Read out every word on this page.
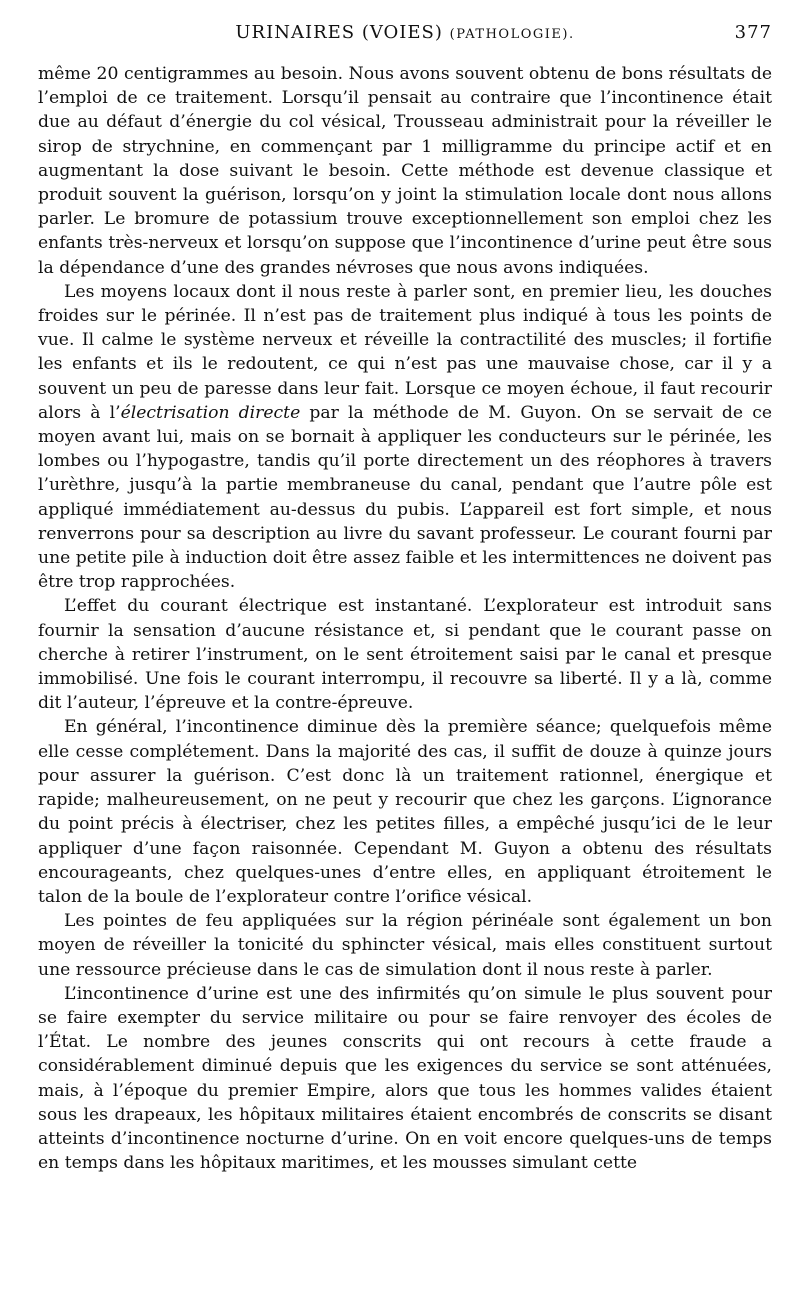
URINAIRES (VOIES) (PATHOLOGIE).	377

même 20 centigrammes au besoin. Nous avons souvent obtenu de bons résultats de l’emploi de ce traitement. Lorsqu’il pensait au contraire que l’incontinence était due au défaut d’énergie du col vésical, Trousseau administrait pour la réveiller le sirop de strychnine, en commençant par 1 milligramme du principe actif et en augmentant la dose suivant le besoin. Cette méthode est devenue classique et produit souvent la guérison, lorsqu’on y joint la stimulation locale dont nous allons parler. Le bromure de potassium trouve exceptionnellement son emploi chez les enfants très-nerveux et lorsqu’on suppose que l’incontinence d’urine peut être sous la dépendance d’une des grandes névroses que nous avons indiquées.

Les moyens locaux dont il nous reste à parler sont, en premier lieu, les douches froides sur le périnée. Il n’est pas de traitement plus indiqué à tous les points de vue. Il calme le système nerveux et réveille la contractilité des muscles; il fortifie les enfants et ils le redoutent, ce qui n’est pas une mauvaise chose, car il y a souvent un peu de paresse dans leur fait. Lorsque ce moyen échoue, il faut recourir alors à l’électrisation directe par la méthode de M. Guyon. On se servait de ce moyen avant lui, mais on se bornait à appliquer les conducteurs sur le périnée, les lombes ou l’hypogastre, tandis qu’il porte directement un des réophores à travers l’urèthre, jusqu’à la partie membraneuse du canal, pendant que l’autre pôle est appliqué immédiatement au-dessus du pubis. L’appareil est fort simple, et nous renverrons pour sa description au livre du savant professeur. Le courant fourni par une petite pile à induction doit être assez faible et les intermittences ne doivent pas être trop rapprochées.

L’effet du courant électrique est instantané. L’explorateur est introduit sans fournir la sensation d’aucune résistance et, si pendant que le courant passe on cherche à retirer l’instrument, on le sent étroitement saisi par le canal et presque immobilisé. Une fois le courant interrompu, il recouvre sa liberté. Il y a là, comme dit l’auteur, l’épreuve et la contre-épreuve.

En général, l’incontinence diminue dès la première séance; quelquefois même elle cesse complétement. Dans la majorité des cas, il suffit de douze à quinze jours pour assurer la guérison. C’est donc là un traitement rationnel, énergique et rapide; malheureusement, on ne peut y recourir que chez les garçons. L’ignorance du point précis à électriser, chez les petites filles, a empêché jusqu’ici de le leur appliquer d’une façon raisonnée. Cependant M. Guyon a obtenu des résultats encourageants, chez quelques-unes d’entre elles, en appliquant étroitement le talon de la boule de l’explorateur contre l’orifice vésical.

Les pointes de feu appliquées sur la région périnéale sont également un bon moyen de réveiller la tonicité du sphincter vésical, mais elles constituent surtout une ressource précieuse dans le cas de simulation dont il nous reste à parler.

L’incontinence d’urine est une des infirmités qu’on simule le plus souvent pour se faire exempter du service militaire ou pour se faire renvoyer des écoles de l’État. Le nombre des jeunes conscrits qui ont recours à cette fraude a considérablement diminué depuis que les exigences du service se sont atténuées, mais, à l’époque du premier Empire, alors que tous les hommes valides étaient sous les drapeaux, les hôpitaux militaires étaient encombrés de conscrits se disant atteints d’incontinence nocturne d’urine. On en voit encore quelques-uns de temps en temps dans les hôpitaux maritimes, et les mousses simulant cette
